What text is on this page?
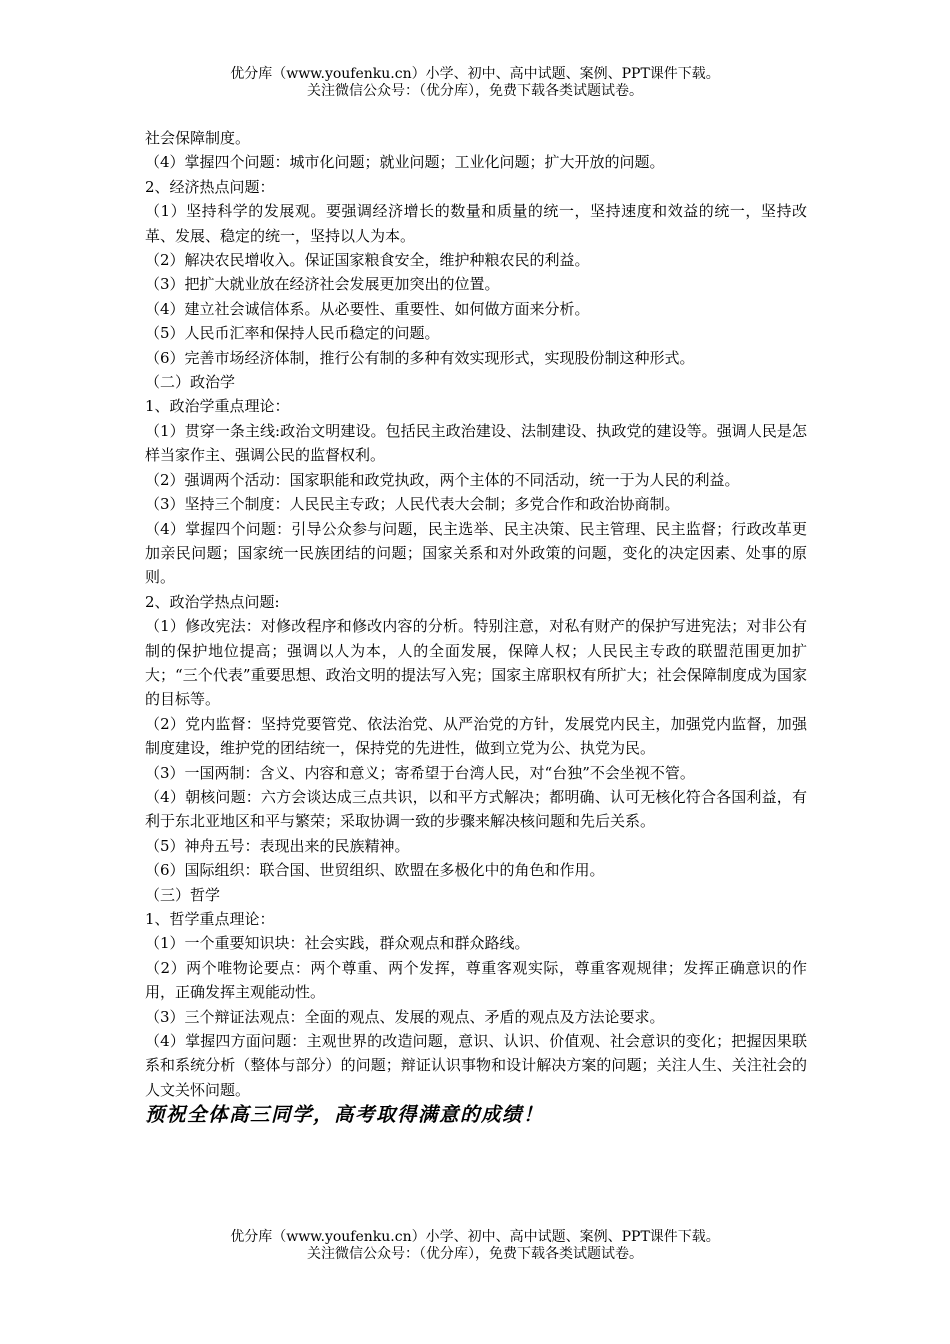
优分库（www.youfenku.cn）小学、初中、高中试题、案例、PPT课件下载。
关注微信公众号：（优分库），免费下载各类试题试卷。

社会保障制度。

（4）掌握四个问题：城市化问题；就业问题；工业化问题；扩大开放的问题。

2、经济热点问题：

（1）坚持科学的发展观。要强调经济增长的数量和质量的统一，坚持速度和效益的统一，坚持改革、发展、稳定的统一，坚持以人为本。

（2）解决农民增收入。保证国家粮食安全，维护种粮农民的利益。

（3）把扩大就业放在经济社会发展更加突出的位置。

（4）建立社会诚信体系。从必要性、重要性、如何做方面来分析。

（5）人民币汇率和保持人民币稳定的问题。

（6）完善市场经济体制，推行公有制的多种有效实现形式，实现股份制这种形式。

（二）政治学

1、政治学重点理论：

（1）贯穿一条主线:政治文明建设。包括民主政治建设、法制建设、执政党的建设等。强调人民是怎样当家作主、强调公民的监督权利。

（2）强调两个活动：国家职能和政党执政，两个主体的不同活动，统一于为人民的利益。

（3）坚持三个制度：人民民主专政；人民代表大会制；多党合作和政治协商制。

（4）掌握四个问题：引导公众参与问题，民主选举、民主决策、民主管理、民主监督；行政改革更加亲民问题；国家统一民族团结的问题；国家关系和对外政策的问题，变化的决定因素、处事的原则。

2、政治学热点问题:

（1）修改宪法：对修改程序和修改内容的分析。特别注意，对私有财产的保护写进宪法；对非公有制的保护地位提高；强调以人为本，人的全面发展，保障人权；人民民主专政的联盟范围更加扩大；“三个代表”重要思想、政治文明的提法写入宪；国家主席职权有所扩大；社会保障制度成为国家的目标等。

（2）党内监督：坚持党要管党、依法治党、从严治党的方针，发展党内民主，加强党内监督，加强制度建设，维护党的团结统一，保持党的先进性，做到立党为公、执党为民。

（3）一国两制：含义、内容和意义；寄希望于台湾人民，对“台独”不会坐视不管。

（4）朝核问题：六方会谈达成三点共识，以和平方式解决；都明确、认可无核化符合各国利益，有利于东北亚地区和平与繁荣；采取协调一致的步骤来解决核问题和先后关系。

（5）神舟五号：表现出来的民族精神。

（6）国际组织：联合国、世贸组织、欧盟在多极化中的角色和作用。

（三）哲学

1、哲学重点理论：

（1）一个重要知识块：社会实践，群众观点和群众路线。

（2）两个唯物论要点：两个尊重、两个发挥，尊重客观实际，尊重客观规律；发挥正确意识的作用，正确发挥主观能动性。

（3）三个辩证法观点：全面的观点、发展的观点、矛盾的观点及方法论要求。

（4）掌握四方面问题：主观世界的改造问题，意识、认识、价值观、社会意识的变化；把握因果联系和系统分析（整体与部分）的问题；辩证认识事物和设计解决方案的问题；关注人生、关注社会的人文关怀问题。

预祝全体高三同学，高考取得满意的成绩！

优分库（www.youfenku.cn）小学、初中、高中试题、案例、PPT课件下载。
关注微信公众号：（优分库），免费下载各类试题试卷。
